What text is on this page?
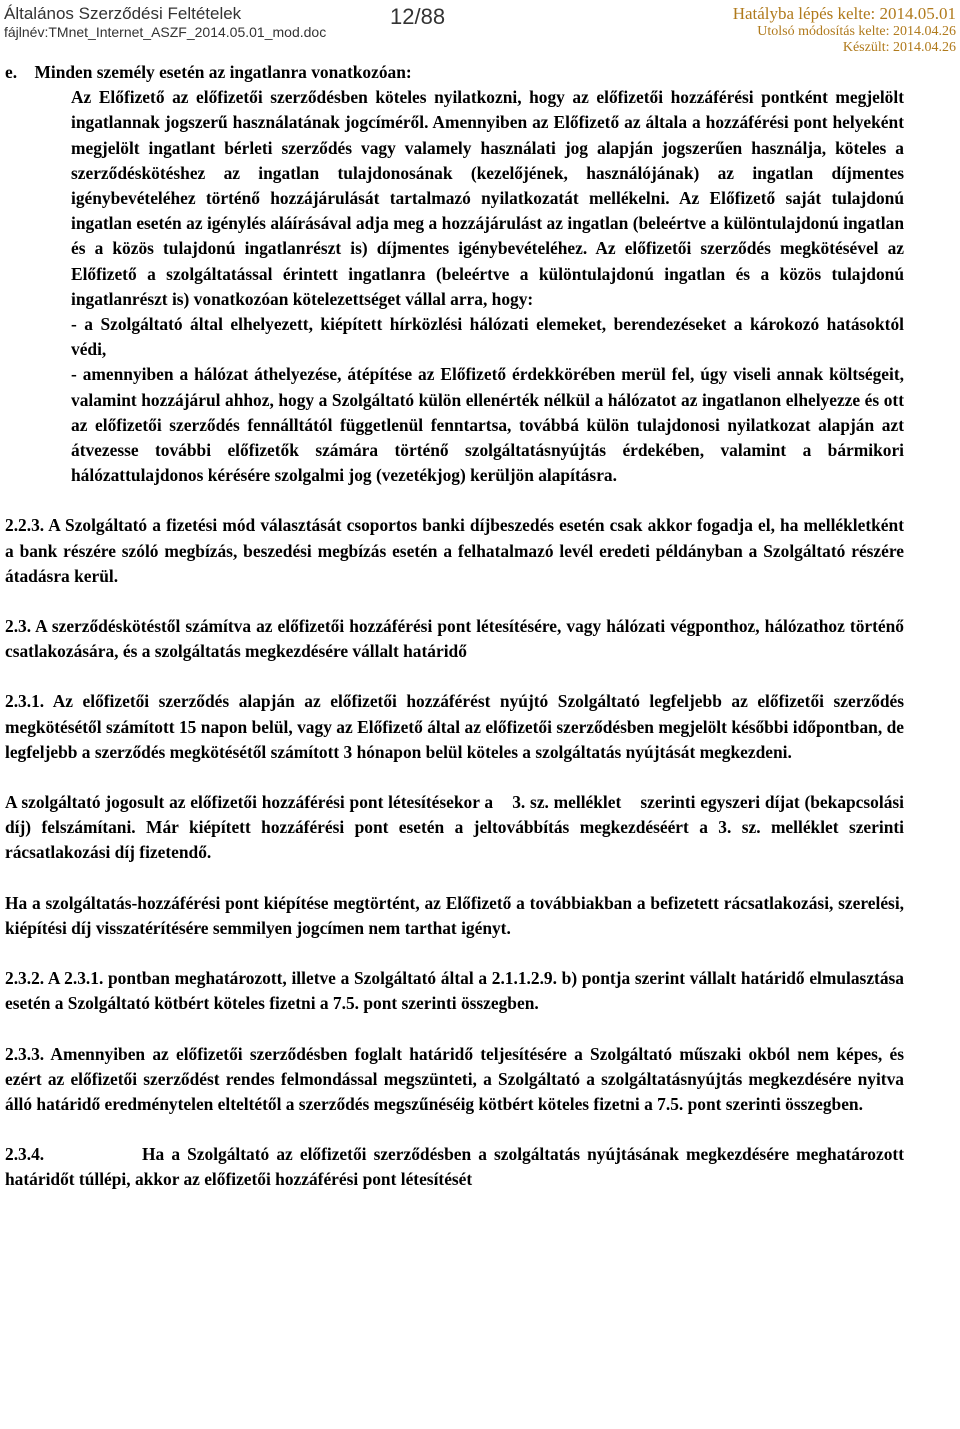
Általános Szerződési Feltételek
fájlnév:TMnet_Internet_ASZF_2014.05.01_mod.doc
12/88	Hatályba lépés kelte: 2014.05.01
Utolsó módosítás kelte: 2014.04.26
Készült: 2014.04.26

e.    Minden személy esetén az ingatlanra vonatkozóan:

Az Előfizető az előfizetői szerződésben köteles nyilatkozni, hogy az előfizetői hozzáférési pontként megjelölt ingatlannak jogszerű használatának jogcíméről. Amennyiben az Előfizető az általa a hozzáférési pont helyeként megjelölt ingatlant bérleti szerződés vagy valamely használati jog alapján jogszerűen használja, köteles a szerződéskötéshez az ingatlan tulajdonosának (kezelőjének, használójának) az ingatlan díjmentes igénybevételéhez történő hozzájárulását tartalmazó nyilatkozatát mellékelni. Az Előfizető saját tulajdonú ingatlan esetén az igénylés aláírásával adja meg a hozzájárulást az ingatlan (beleértve a különtulajdonú ingatlan és a közös tulajdonú ingatlanrészt is) díjmentes igénybevételéhez. Az előfizetői szerződés megkötésével az Előfizető a szolgáltatással érintett ingatlanra (beleértve a különtulajdonú ingatlan és a közös tulajdonú ingatlanrészt is) vonatkozóan kötelezettséget vállal arra, hogy:

- a Szolgáltató által elhelyezett, kiépített hírközlési hálózati elemeket, berendezéseket a károkozó hatásoktól védi,

- amennyiben a hálózat áthelyezése, átépítése az Előfizető érdekkörében merül fel, úgy viseli annak költségeit, valamint hozzájárul ahhoz, hogy a Szolgáltató külön ellenérték nélkül a hálózatot az ingatlanon elhelyezze és ott az előfizetői szerződés fennálltától függetlenül fenntartsa, továbbá külön tulajdonosi nyilatkozat alapján azt átvezesse további előfizetők számára történő szolgáltatásnyújtás érdekében, valamint a bármikori hálózattulajdonos kérésére szolgalmi jog (vezetékjog) kerüljön alapításra.

2.2.3. A Szolgáltató a fizetési mód választását csoportos banki díjbeszedés esetén csak akkor fogadja el, ha mellékletként a bank részére szóló megbízás, beszedési megbízás esetén a felhatalmazó levél eredeti példányban a Szolgáltató részére átadásra kerül.

2.3. A szerződéskötéstől számítva az előfizetői hozzáférési pont létesítésére, vagy hálózati végponthoz, hálózathoz történő csatlakozására, és a szolgáltatás megkezdésére vállalt határidő

2.3.1. Az előfizetői szerződés alapján az előfizetői hozzáférést nyújtó Szolgáltató legfeljebb az előfizetői szerződés megkötésétől számított 15 napon belül, vagy az Előfizető által az előfizetői szerződésben megjelölt későbbi időpontban, de legfeljebb a szerződés megkötésétől számított 3 hónapon belül köteles a szolgáltatás nyújtását megkezdeni.

A szolgáltató jogosult az előfizetői hozzáférési pont létesítésekor a    3. sz. melléklet    szerinti egyszeri díjat (bekapcsolási díj) felszámítani. Már kiépített hozzáférési pont esetén a jeltovábbítás megkezdéséért a 3. sz. melléklet szerinti rácsatlakozási díj fizetendő.

Ha a szolgáltatás-hozzáférési pont kiépítése megtörtént, az Előfizető a továbbiakban a befizetett rácsatlakozási, szerelési, kiépítési díj visszatérítésére semmilyen jogcímen nem tarthat igényt.

2.3.2. A 2.3.1. pontban meghatározott, illetve a Szolgáltató által a 2.1.1.2.9. b) pontja szerint vállalt határidő elmulasztása esetén a Szolgáltató kötbért köteles fizetni a 7.5. pont szerinti összegben.

2.3.3. Amennyiben az előfizetői szerződésben foglalt határidő teljesítésére a Szolgáltató műszaki okból nem képes, és ezért az előfizetői szerződést rendes felmondással megszünteti, a Szolgáltató a szolgáltatásnyújtás megkezdésére nyitva álló határidő eredménytelen elteltétől a szerződés megszűnéséig kötbért köteles fizetni a 7.5. pont szerinti összegben.

2.3.4.	Ha a Szolgáltató az előfizetői szerződésben a szolgáltatás nyújtásának megkezdésére meghatározott határidőt túllépi, akkor az előfizetői hozzáférési pont létesítését
